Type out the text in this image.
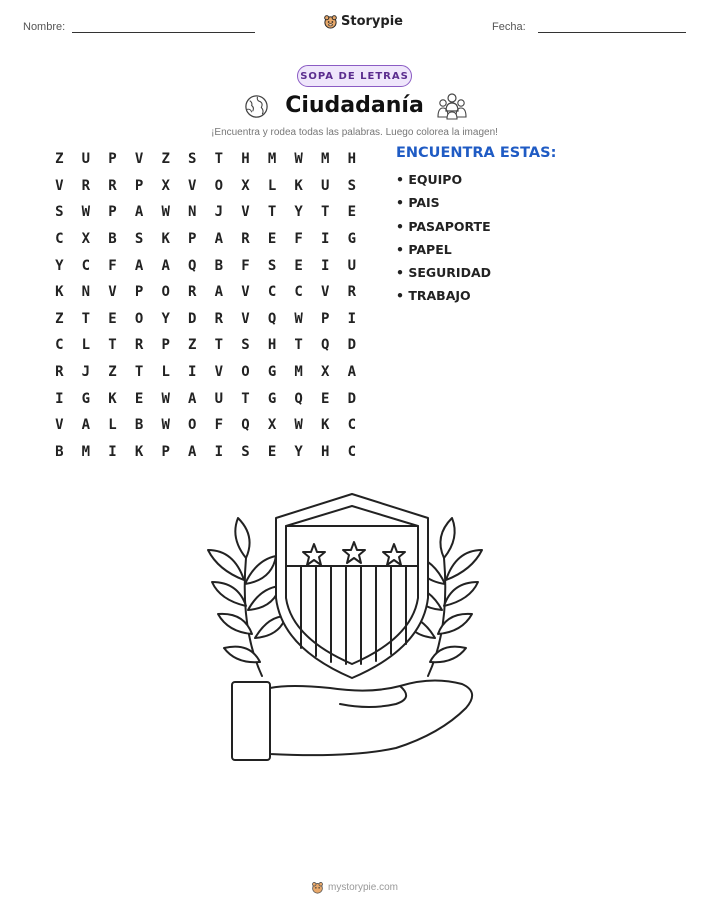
Nombre:	Storypie	Fecha:
SOPA DE LETRAS
Ciudadanía
¡Encuentra y rodea todas las palabras. Luego colorea la imagen!
Z	U	P	V	Z	S	T	H	M	W	M	H
V	R	R	P	X	V	O	X	L	K	U	S
S	W	P	A	W	N	J	V	T	Y	T	E
C	X	B	S	K	P	A	R	E	F	I	G
Y	C	F	A	A	Q	B	F	S	E	I	U
K	N	V	P	O	R	A	V	C	C	V	R
Z	T	E	O	Y	D	R	V	Q	W	P	I
C	L	T	R	P	Z	T	S	H	T	Q	D
R	J	Z	T	L	I	V	O	G	M	X	A
I	G	K	E	W	A	U	T	G	Q	E	D
V	A	L	B	W	O	F	Q	X	W	K	C
B	M	I	K	P	A	I	S	E	Y	H	C
ENCUENTRA ESTAS:
• EQUIPO
• PAIS
• PASAPORTE
• PAPEL
• SEGURIDAD
• TRABAJO
mystorypie.com
